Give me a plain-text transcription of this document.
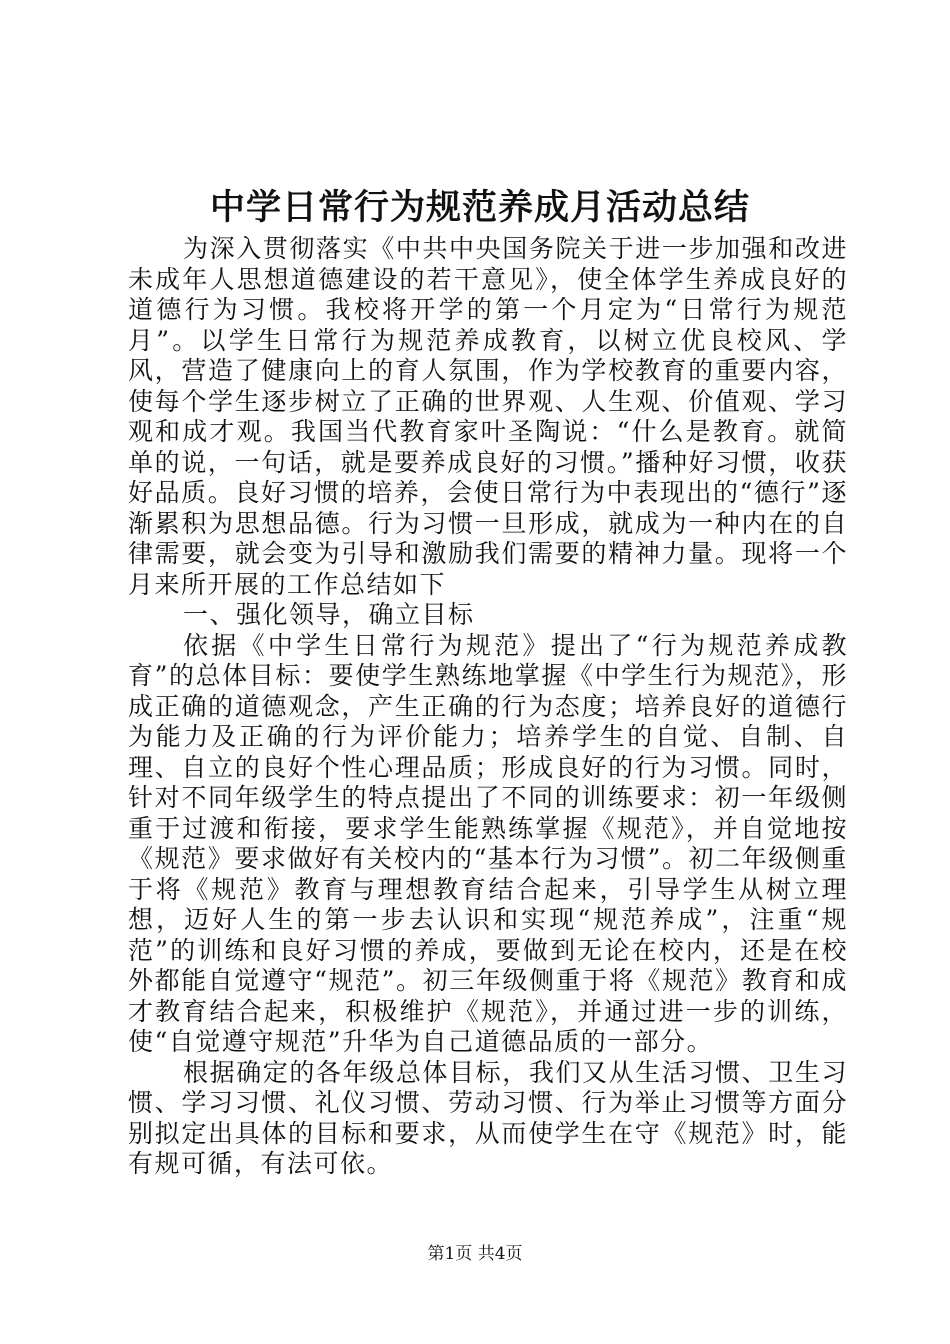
中学日常行为规范养成月活动总结

为深入贯彻落实《中共中央国务院关于进一步加强和改进未成年人思想道德建设的若干意见》，使全体学生养成良好的道德行为习惯。我校将开学的第一个月定为“日常行为规范月”。以学生日常行为规范养成教育，以树立优良校风、学风，营造了健康向上的育人氛围，作为学校教育的重要内容，使每个学生逐步树立了正确的世界观、人生观、价值观、学习观和成才观。我国当代教育家叶圣陶说：“什么是教育。就简单的说，一句话，就是要养成良好的习惯。”播种好习惯，收获好品质。良好习惯的培养，会使日常行为中表现出的“德行”逐渐累积为思想品德。行为习惯一旦形成，就成为一种内在的自律需要，就会变为引导和激励我们需要的精神力量。现将一个月来所开展的工作总结如下

一、强化领导，确立目标

依据《中学生日常行为规范》提出了“行为规范养成教育”的总体目标：要使学生熟练地掌握《中学生行为规范》，形成正确的道德观念，产生正确的行为态度；培养良好的道德行为能力及正确的行为评价能力；培养学生的自觉、自制、自理、自立的良好个性心理品质；形成良好的行为习惯。同时，针对不同年级学生的特点提出了不同的训练要求：初一年级侧重于过渡和衔接，要求学生能熟练掌握《规范》，并自觉地按《规范》要求做好有关校内的“基本行为习惯”。初二年级侧重于将《规范》教育与理想教育结合起来，引导学生从树立理想，迈好人生的第一步去认识和实现“规范养成”，注重“规范”的训练和良好习惯的养成，要做到无论在校内，还是在校外都能自觉遵守“规范”。初三年级侧重于将《规范》教育和成才教育结合起来，积极维护《规范》，并通过进一步的训练，使“自觉遵守规范”升华为自己道德品质的一部分。

根据确定的各年级总体目标，我们又从生活习惯、卫生习惯、学习习惯、礼仪习惯、劳动习惯、行为举止习惯等方面分别拟定出具体的目标和要求，从而使学生在守《规范》时，能有规可循，有法可依。

第1页 共4页
